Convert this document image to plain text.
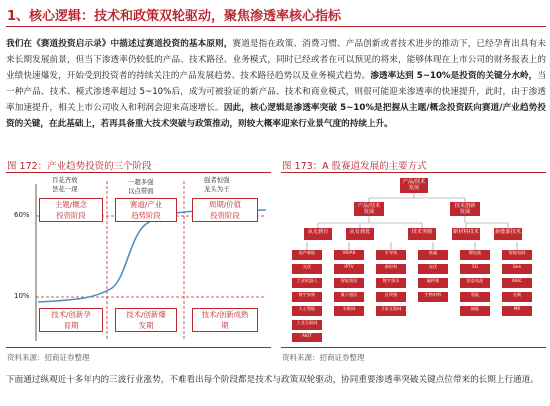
1、核心逻辑：技术和政策双轮驱动，聚焦渗透率核心指标
我们在《赛道投资启示录》中描述过赛道投资的基本原则，赛道是指在政策、消费习惯、产品创新或者技术进步的推动下，已经孕育出具有未来长期发展前景，但当下渗透率仍较低的产品、技术路径、业务模式，同时已经或者在可以预见的将来，能够体现在上市公司的财务报表上的业绩快速爆发，开始受到投资者的持续关注的产品发展趋势、技术路径趋势以及业务模式趋势。渗透率达到 5~10%是投资的关键分水岭，当一种产品、技术、模式渗透率超过 5~10%后，成为可被验证的新产品、技术和商业模式，则很可能迎来渗透率的快速提升，此时，由于渗透率加速提升，相关上市公司收入和利润会迎来高速增长。因此，核心逻辑是渗透率突破 5~10%是把握从主题/概念投资跃向赛道/产业趋势投资的关键，在此基础上，若再具备重大技术突破与政策推动，则较大概率迎来行业景气度的持续上升。
图 172：产业趋势投资的三个阶段	图 173：A 股赛道发展的主要方式
百花齐放
昙花一现
一超多强
以点带面
强者恒强
龙头为王
主题/概念
投资阶段
赛道/产业
趋势阶段
周期/价值
投资阶段
技术/创新孕
育期
技术/创新爆
发期
技术/创新成熟
期
60%
10%
产品/技术
发展
产品/技术
发展
技术创新
发展
从无到有	从有到优	技术突破	新材料技术	新能源技术
国产新能	VR/AR	半导体	低碳	锂电池	智能电网
光伏	IPTV	新材料	光伏	5G	Gen
工业机器人	智能家居	数字货币	碳纤维	固态电池	AIGC
数字安防	量子通信	区块链	生物材料	氢能	光刻
人工智能	车联网	卫星互联网	储能	MR
工业互联网
AIOT
资料来源：招商证券整理	资料来源：招商证券整理
下面通过纵观近十多年内的三波行业涨势，不难看出每个阶段都是技术与政策双轮驱动，协同重要渗透率突破关键点位带来的长期上行通道。
